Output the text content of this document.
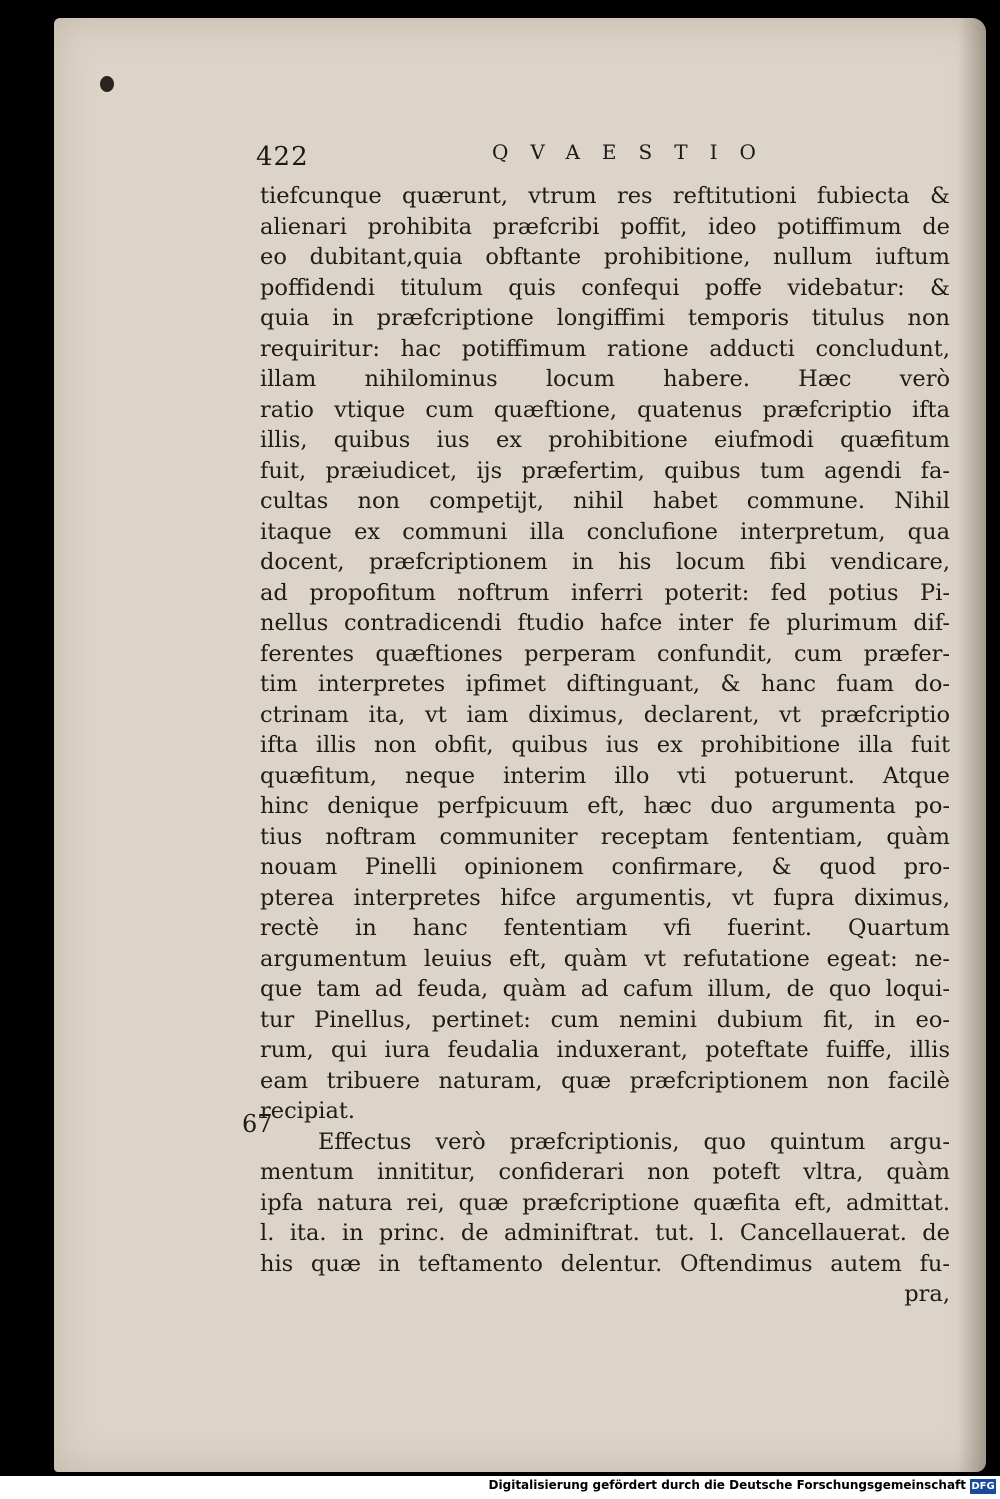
422	QVAESTIO
67
tiefcunque quærunt, vtrum res reftitutioni fubiecta &
alienari prohibita præfcribi poffit, ideo potiffimum de
eo dubitant,quia obftante prohibitione, nullum iuftum
poffidendi titulum quis confequi poffe videbatur: &
quia in præfcriptione longiffimi temporis titulus non
requiritur: hac potiffimum ratione adducti concludunt,
illam nihilominus locum habere. Hæc verò
ratio vtique cum quæftione, quatenus præfcriptio ifta
illis, quibus ius ex prohibitione eiufmodi quæfitum
fuit, præiudicet, ijs præfertim, quibus tum agendi fa-
cultas non competijt, nihil habet commune. Nihil
itaque ex communi illa conclufione interpretum, qua
docent, præfcriptionem in his locum fibi vendicare,
ad propofitum noftrum inferri poterit: fed potius Pi-
nellus contradicendi ftudio hafce inter fe plurimum dif-
ferentes quæftiones perperam confundit, cum præfer-
tim interpretes ipfimet diftinguant, & hanc fuam do-
ctrinam ita, vt iam diximus, declarent, vt præfcriptio
ifta illis non obfit, quibus ius ex prohibitione illa fuit
quæfitum, neque interim illo vti potuerunt. Atque
hinc denique perfpicuum eft, hæc duo argumenta po-
tius noftram communiter receptam fententiam, quàm
nouam Pinelli opinionem confirmare, & quod pro-
pterea interpretes hifce argumentis, vt fupra diximus,
rectè in hanc fententiam vfi fuerint. Quartum
argumentum leuius eft, quàm vt refutatione egeat: ne-
que tam ad feuda, quàm ad cafum illum, de quo loqui-
tur Pinellus, pertinet: cum nemini dubium fit, in eo-
rum, qui iura feudalia induxerant, poteftate fuiffe, illis
eam tribuere naturam, quæ præfcriptionem non facilè
recipiat.
Effectus verò præfcriptionis, quo quintum argu-
mentum innititur, confiderari non poteft vltra, quàm
ipfa natura rei, quæ præfcriptione quæfita eft, admittat.
l. ita. in princ. de adminiftrat. tut. l. Cancellauerat. de
his quæ in teftamento delentur. Oftendimus autem fu-
pra,
Digitalisierung gefördert durch die Deutsche Forschungsgemeinschaft DFG
